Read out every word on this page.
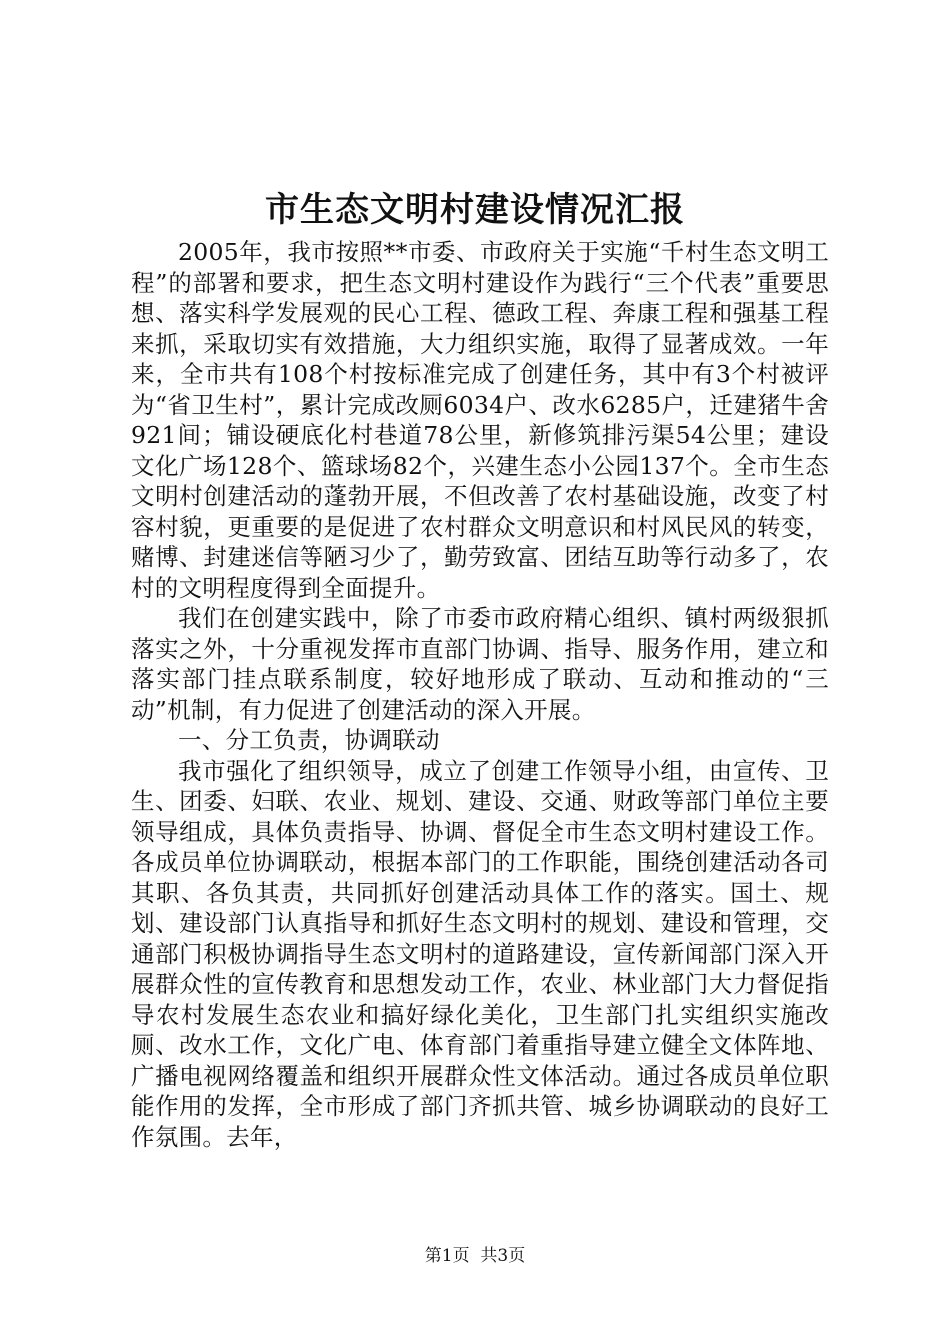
市生态文明村建设情况汇报

2005年，我市按照**市委、市政府关于实施“千村生态文明工程”的部署和要求，把生态文明村建设作为践行“三个代表”重要思想、落实科学发展观的民心工程、德政工程、奔康工程和强基工程来抓，采取切实有效措施，大力组织实施，取得了显著成效。一年来，全市共有108个村按标准完成了创建任务，其中有3个村被评为“省卫生村”，累计完成改厕6034户、改水6285户，迁建猪牛舍921间；铺设硬底化村巷道78公里，新修筑排污渠54公里；建设文化广场128个、篮球场82个，兴建生态小公园137个。全市生态文明村创建活动的蓬勃开展，不但改善了农村基础设施，改变了村容村貌，更重要的是促进了农村群众文明意识和村风民风的转变，赌博、封建迷信等陋习少了，勤劳致富、团结互助等行动多了，农村的文明程度得到全面提升。

我们在创建实践中，除了市委市政府精心组织、镇村两级狠抓落实之外，十分重视发挥市直部门协调、指导、服务作用，建立和落实部门挂点联系制度，较好地形成了联动、互动和推动的“三动”机制，有力促进了创建活动的深入开展。

一、分工负责，协调联动

我市强化了组织领导，成立了创建工作领导小组，由宣传、卫生、团委、妇联、农业、规划、建设、交通、财政等部门单位主要领导组成，具体负责指导、协调、督促全市生态文明村建设工作。各成员单位协调联动，根据本部门的工作职能，围绕创建活动各司其职、各负其责，共同抓好创建活动具体工作的落实。国土、规划、建设部门认真指导和抓好生态文明村的规划、建设和管理，交通部门积极协调指导生态文明村的道路建设，宣传新闻部门深入开展群众性的宣传教育和思想发动工作，农业、林业部门大力督促指导农村发展生态农业和搞好绿化美化，卫生部门扎实组织实施改厕、改水工作，文化广电、体育部门着重指导建立健全文体阵地、广播电视网络覆盖和组织开展群众性文体活动。通过各成员单位职能作用的发挥，全市形成了部门齐抓共管、城乡协调联动的良好工作氛围。去年，

第1页  共3页
